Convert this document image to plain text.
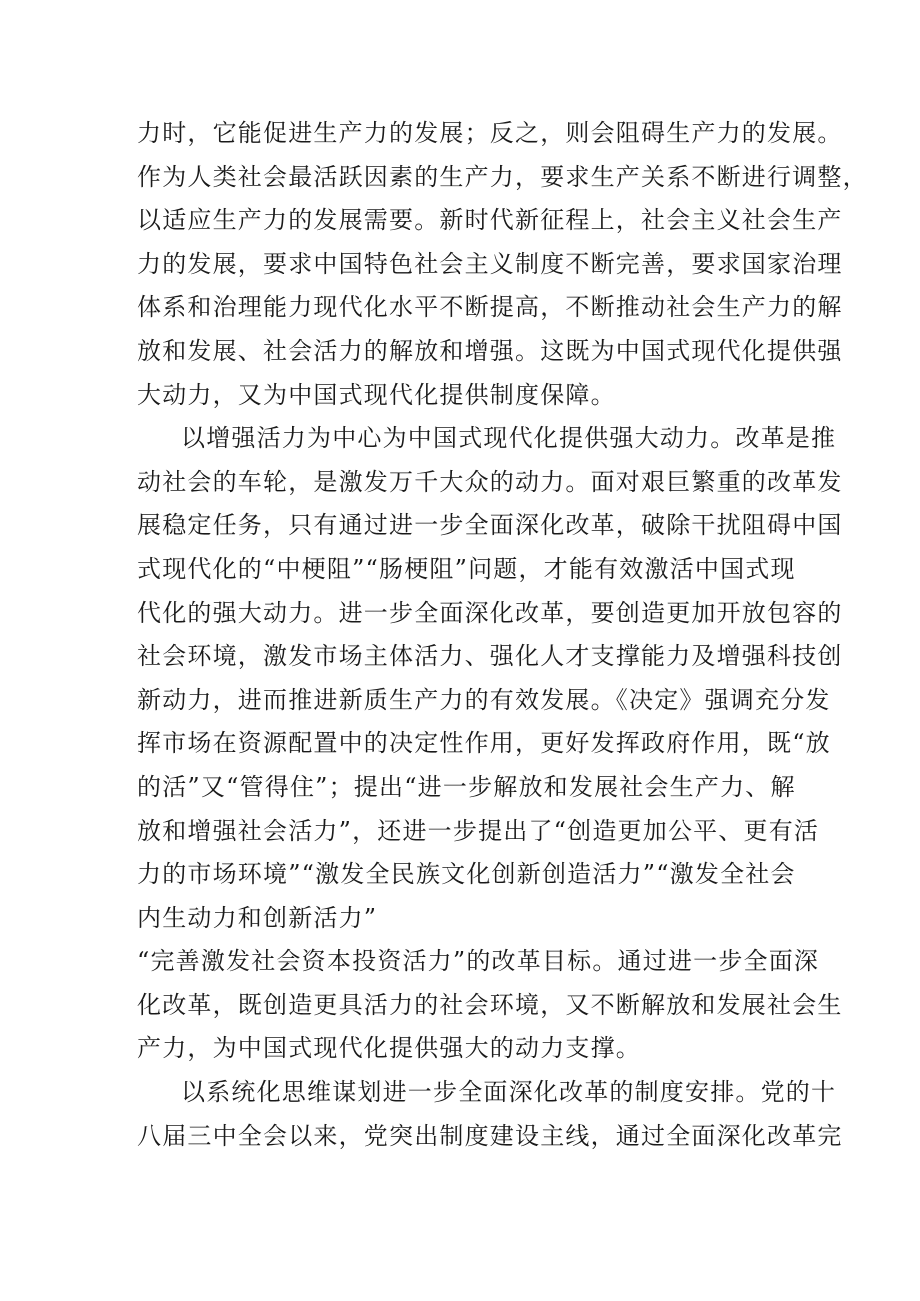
力时，它能促进生产力的发展；反之，则会阻碍生产力的发展。
作为人类社会最活跃因素的生产力，要求生产关系不断进行调整，
以适应生产力的发展需要。新时代新征程上，社会主义社会生产
力的发展，要求中国特色社会主义制度不断完善，要求国家治理
体系和治理能力现代化水平不断提高，不断推动社会生产力的解
放和发展、社会活力的解放和增强。这既为中国式现代化提供强
大动力，又为中国式现代化提供制度保障。
以增强活力为中心为中国式现代化提供强大动力。改革是推
动社会的车轮，是激发万千大众的动力。面对艰巨繁重的改革发
展稳定任务，只有通过进一步全面深化改革，破除干扰阻碍中国
式现代化的“中梗阻”“肠梗阻”问题，才能有效激活中国式现
代化的强大动力。进一步全面深化改革，要创造更加开放包容的
社会环境，激发市场主体活力、强化人才支撑能力及增强科技创
新动力，进而推进新质生产力的有效发展。《决定》强调充分发
挥市场在资源配置中的决定性作用，更好发挥政府作用，既“放
的活”又“管得住”；提出“进一步解放和发展社会生产力、解
放和增强社会活力”，还进一步提出了“创造更加公平、更有活
力的市场环境”“激发全民族文化创新创造活力”“激发全社会
内生动力和创新活力”
“完善激发社会资本投资活力”的改革目标。通过进一步全面深
化改革，既创造更具活力的社会环境，又不断解放和发展社会生
产力，为中国式现代化提供强大的动力支撑。
以系统化思维谋划进一步全面深化改革的制度安排。党的十
八届三中全会以来，党突出制度建设主线，通过全面深化改革完
